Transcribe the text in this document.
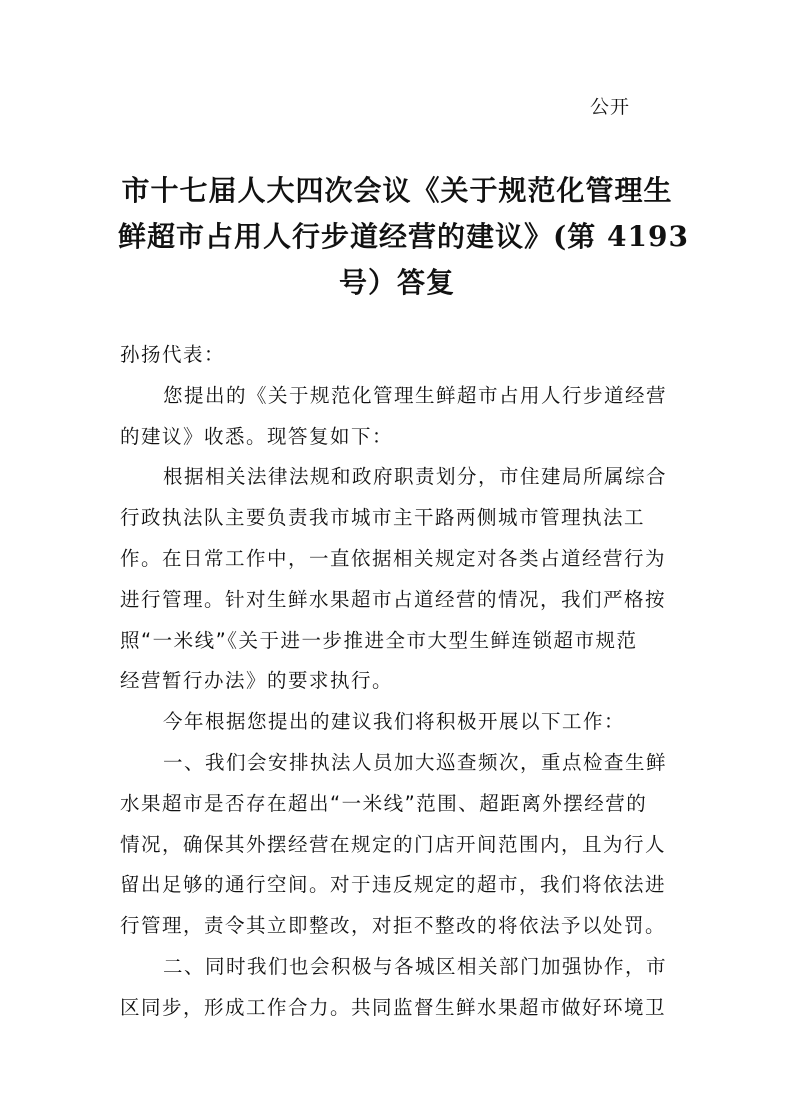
公开
市十七届人大四次会议《关于规范化管理生
鲜超市占用人行步道经营的建议》(第 4193
号）答复

孙扬代表：

您提出的《关于规范化管理生鲜超市占用人行步道经营

的建议》收悉。现答复如下：

根据相关法律法规和政府职责划分，市住建局所属综合

行政执法队主要负责我市城市主干路两侧城市管理执法工

作。在日常工作中，一直依据相关规定对各类占道经营行为

进行管理。针对生鲜水果超市占道经营的情况，我们严格按

照“一米线”《关于进一步推进全市大型生鲜连锁超市规范

经营暂行办法》的要求执行。

今年根据您提出的建议我们将积极开展以下工作：

一、我们会安排执法人员加大巡查频次，重点检查生鲜

水果超市是否存在超出“一米线”范围、超距离外摆经营的

情况，确保其外摆经营在规定的门店开间范围内，且为行人

留出足够的通行空间。对于违反规定的超市，我们将依法进

行管理，责令其立即整改，对拒不整改的将依法予以处罚。

二、同时我们也会积极与各城区相关部门加强协作，市

区同步，形成工作合力。共同监督生鲜水果超市做好环境卫
